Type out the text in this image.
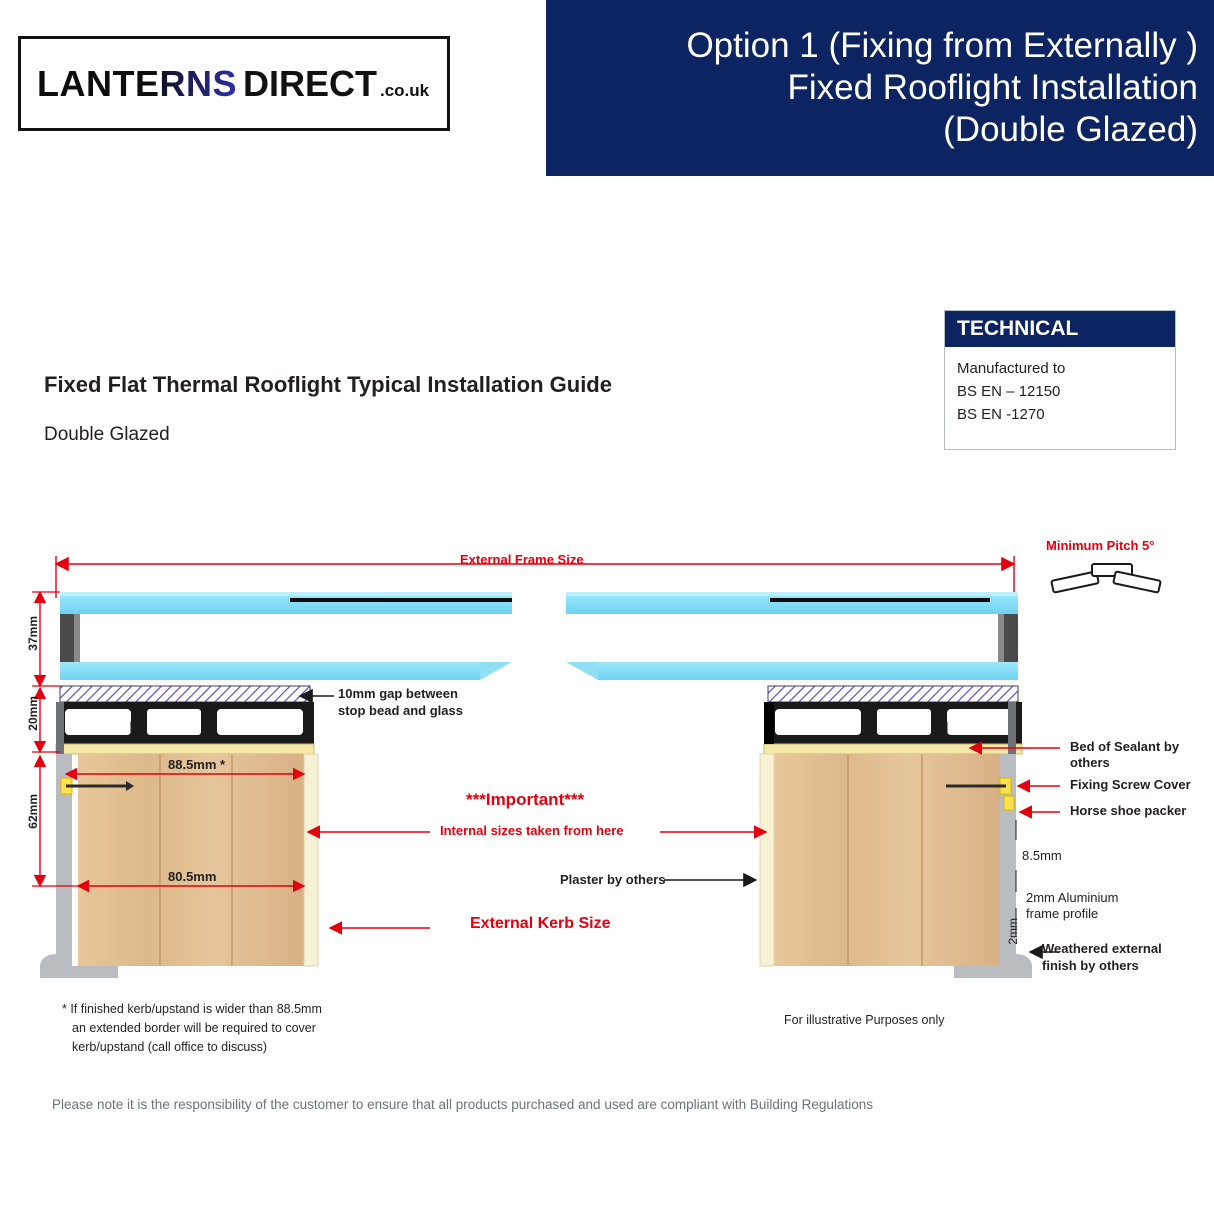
LANTERNS DIRECT .co.uk
Option 1 (Fixing from Externally )
Fixed Rooflight Installation
(Double Glazed)
TECHNICAL
Manufactured to
BS EN – 12150
BS EN -1270
Fixed Flat Thermal Rooflight Typical Installation Guide
Double Glazed
External Frame Size
Minimum Pitch 5°
37mm
20mm
62mm
88.5mm *
80.5mm
10mm gap between
stop bead and glass
***Important***
Internal sizes taken from here
Plaster by others
External Kerb Size
Bed of Sealant by others
Fixing Screw Cover
Horse shoe packer
8.5mm
2mm Aluminium
frame profile
2mm
Weathered external
finish by others
* If finished kerb/upstand is wider than 88.5mm
an extended border will be required to cover
kerb/upstand (call office to discuss)
For illustrative Purposes only
Please note it is the responsibility of the customer to ensure that all products purchased and used are compliant with Building Regulations
